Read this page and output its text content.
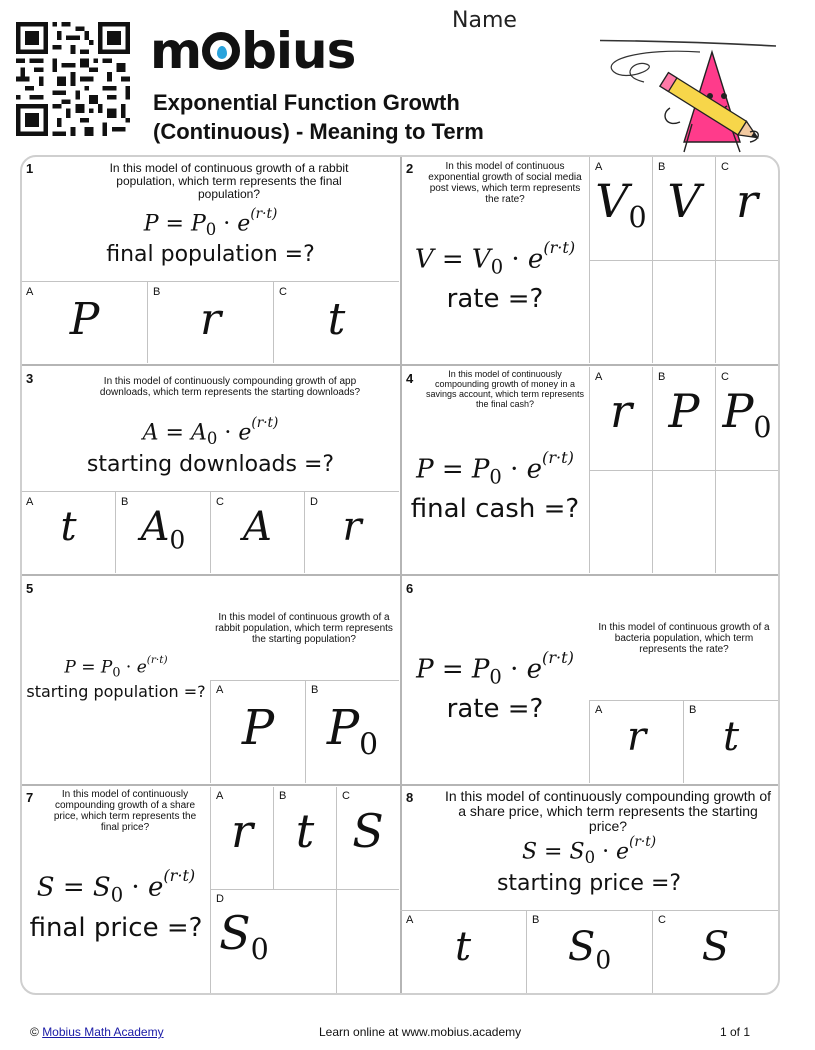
m bius
Exponential Function Growth
(Continuous) - Meaning to Term
Name
1	In this model of continuous growth of a rabbit population, which term represents the final population?
$P = P_0 \cdot e^{(r\cdot t)}$
final population =?
A
P
B
r
C
t
2	In this model of continuous exponential growth of social media post views, which term represents the rate?
$V = V_0 \cdot e^{(r\cdot t)}$
rate =?
A
$V_0$
B
V
C
r
3	In this model of continuously compounding growth of app downloads, which term represents the starting downloads?
$A = A_0 \cdot e^{(r\cdot t)}$
starting downloads =?
A
t
B
$A_0$
C
A
D
r
4	In this model of continuously compounding growth of money in a savings account, which term represents the final cash?
$P = P_0 \cdot e^{(r\cdot t)}$
final cash =?
A
r
B
P
C
$P_0$
5
In this model of continuous growth of a rabbit population, which term represents the starting population?
$P = P_0 \cdot e^{(r\cdot t)}$
starting population =? A
P
B
$P_0$
6
In this model of continuous growth of a bacteria population, which term represents the rate?
$P = P_0 \cdot e^{(r\cdot t)}$
rate =?	A
r
B
t
7	In this model of continuously compounding growth of a share price, which term represents the final price?
$S = S_0 \cdot e^{(r\cdot t)}$
final price =?
A
r
B
t
C
S
D
$S_0$
8	In this model of continuously compounding growth of a share price, which term represents the starting price?
$S = S_0 \cdot e^{(r\cdot t)}$
starting price =?
A
t
B
$S_0$
C
S
© Mobius Math Academy	Learn online at www.mobius.academy	1 of 1
